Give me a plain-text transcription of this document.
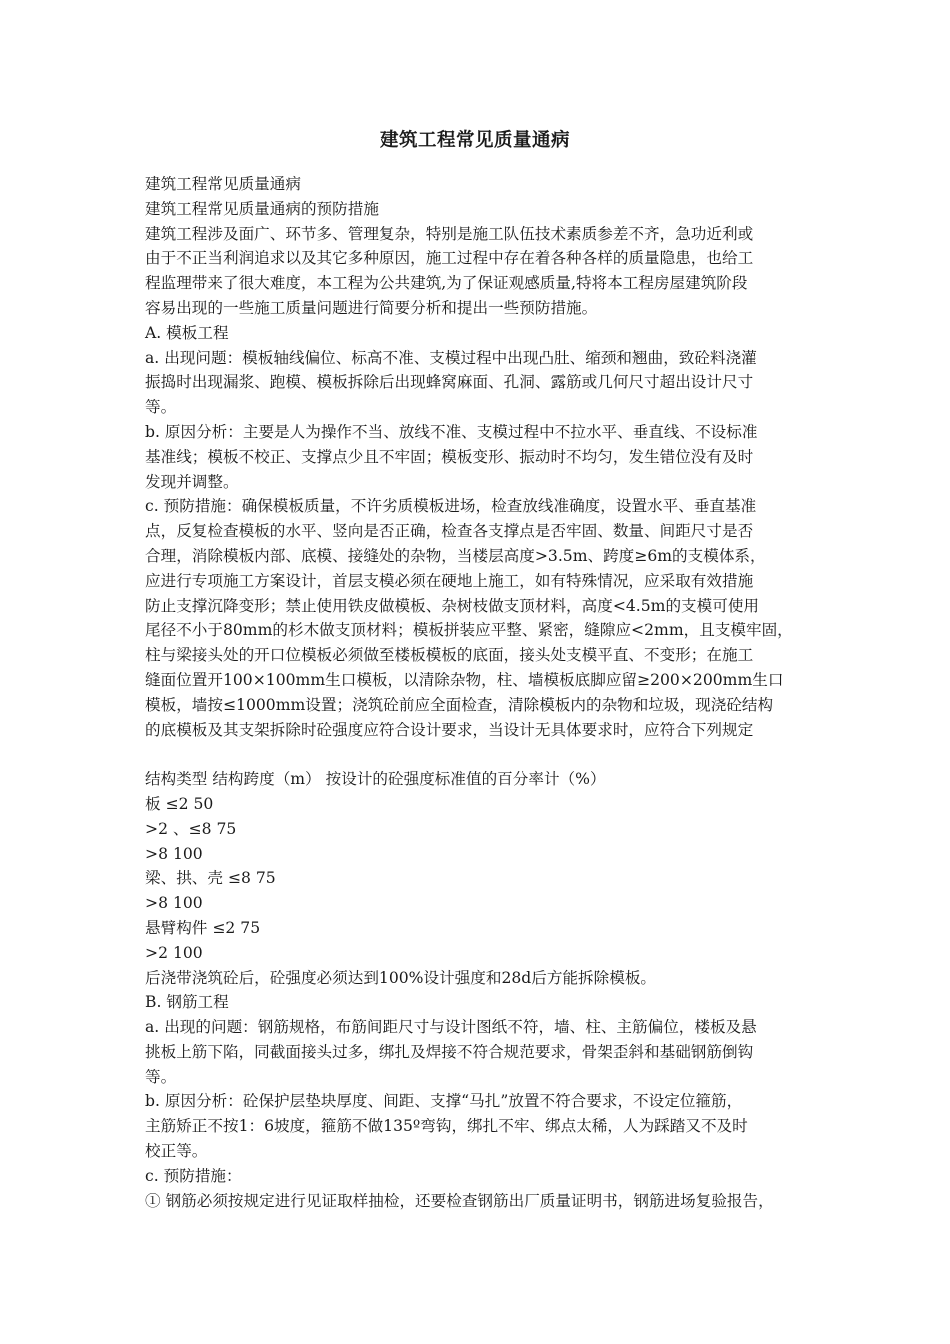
建筑工程常见质量通病
建筑工程常见质量通病
建筑工程常见质量通病的预防措施
建筑工程涉及面广、环节多、管理复杂，特别是施工队伍技术素质参差不齐，急功近利或
由于不正当利润追求以及其它多种原因，施工过程中存在着各种各样的质量隐患，也给工
程监理带来了很大难度，本工程为公共建筑,为了保证观感质量,特将本工程房屋建筑阶段
容易出现的一些施工质量问题进行简要分析和提出一些预防措施。
A. 模板工程
a. 出现问题：模板轴线偏位、标高不准、支模过程中出现凸肚、缩颈和翘曲，致砼料浇灌
振捣时出现漏浆、跑模、模板拆除后出现蜂窝麻面、孔洞、露筋或几何尺寸超出设计尺寸
等。
b. 原因分析：主要是人为操作不当、放线不准、支模过程中不拉水平、垂直线、不设标准
基准线；模板不校正、支撑点少且不牢固；模板变形、振动时不均匀，发生错位没有及时
发现并调整。
c. 预防措施：确保模板质量，不许劣质模板进场，检查放线准确度，设置水平、垂直基准
点，反复检查模板的水平、竖向是否正确，检查各支撑点是否牢固、数量、间距尺寸是否
合理，消除模板内部、底模、接缝处的杂物，当楼层高度>3.5m、跨度≥6m的支模体系，
应进行专项施工方案设计，首层支模必须在硬地上施工，如有特殊情况，应采取有效措施
防止支撑沉降变形；禁止使用铁皮做模板、杂树枝做支顶材料，高度<4.5m的支模可使用
尾径不小于80mm的杉木做支顶材料；模板拼装应平整、紧密，缝隙应<2mm，且支模牢固，
柱与梁接头处的开口位模板必须做至楼板模板的底面，接头处支模平直、不变形；在施工
缝面位置开100×100mm生口模板，以清除杂物，柱、墙模板底脚应留≥200×200mm生口
模板，墙按≤1000mm设置；浇筑砼前应全面检查，清除模板内的杂物和垃圾，现浇砼结构
的底模板及其支架拆除时砼强度应符合设计要求，当设计无具体要求时，应符合下列规定
结构类型 结构跨度（m） 按设计的砼强度标准值的百分率计（%）
板 ≤2 50
>2 、≤8 75
>8 100
梁、拱、壳 ≤8 75
>8 100
悬臂构件 ≤2 75
>2 100
后浇带浇筑砼后，砼强度必须达到100%设计强度和28d后方能拆除模板。
B. 钢筋工程
a. 出现的问题：钢筋规格，布筋间距尺寸与设计图纸不符，墙、柱、主筋偏位，楼板及悬
挑板上筋下陷，同截面接头过多，绑扎及焊接不符合规范要求，骨架歪斜和基础钢筋倒钩
等。
b. 原因分析：砼保护层垫块厚度、间距、支撑“马扎”放置不符合要求，不设定位箍筋，
主筋矫正不按1：6坡度，箍筋不做135º弯钩，绑扎不牢、绑点太稀，人为踩踏又不及时
校正等。
c. 预防措施：
① 钢筋必须按规定进行见证取样抽检，还要检查钢筋出厂质量证明书，钢筋进场复验报告，
